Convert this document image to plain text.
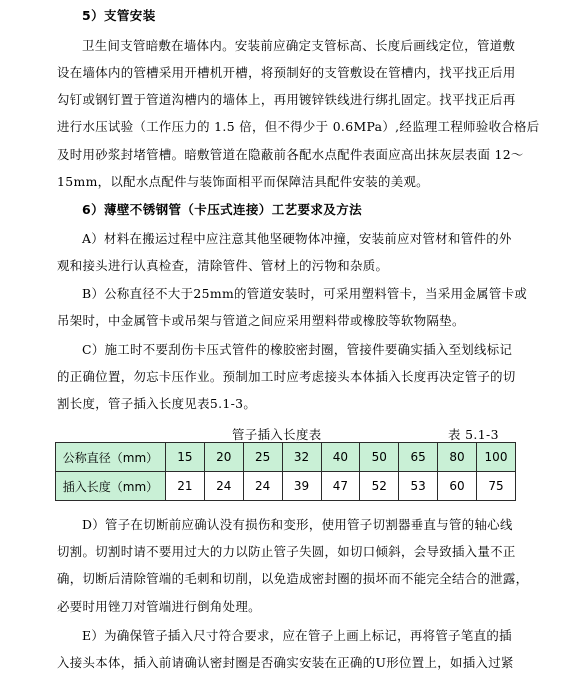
5）支管安装
卫生间支管暗敷在墙体内。安装前应确定支管标高、长度后画线定位，管道敷
设在墙体内的管槽采用开槽机开槽，将预制好的支管敷设在管槽内，找平找正后用
勾钉或钢钉置于管道沟槽内的墙体上，再用镀锌铁线进行绑扎固定。找平找正后再
进行水压试验（工作压力的 1.5 倍，但不得少于 0.6MPa）,经监理工程师验收合格后
及时用砂浆封堵管槽。暗敷管道在隐蔽前各配水点配件表面应高出抹灰层表面 12～
15mm，以配水点配件与装饰面相平而保障洁具配件安装的美观。
6）薄壁不锈钢管（卡压式连接）工艺要求及方法
A）材料在搬运过程中应注意其他坚硬物体冲撞，安装前应对管材和管件的外
观和接头进行认真检查，清除管件、管材上的污物和杂质。
B）公称直径不大于25mm的管道安装时，可采用塑料管卡，当采用金属管卡或
吊架时，中金属管卡或吊架与管道之间应采用塑料带或橡胶等软物隔垫。
C）施工时不要刮伤卡压式管件的橡胶密封圈，管接件要确实插入至划线标记
的正确位置，勿忘卡压作业。预制加工时应考虑接头本体插入长度再决定管子的切
割长度，管子插入长度见表5.1-3。
管子插入长度表	表 5.1-3
公称直径（mm）	15	20	25	32	40	50	65	80	100
插入长度（mm）	21	24	24	39	47	52	53	60	75
D）管子在切断前应确认没有损伤和变形，使用管子切割器垂直与管的轴心线
切割。切割时请不要用过大的力以防止管子失圆，如切口倾斜，会导致插入量不正
确，切断后清除管端的毛刺和切削，以免造成密封圈的损坏而不能完全结合的泄露，
必要时用锉刀对管端进行倒角处理。
E）为确保管子插入尺寸符合要求，应在管子上画上标记，再将管子笔直的插
入接头本体，插入前请确认密封圈是否确实安装在正确的U形位置上，如插入过紧
